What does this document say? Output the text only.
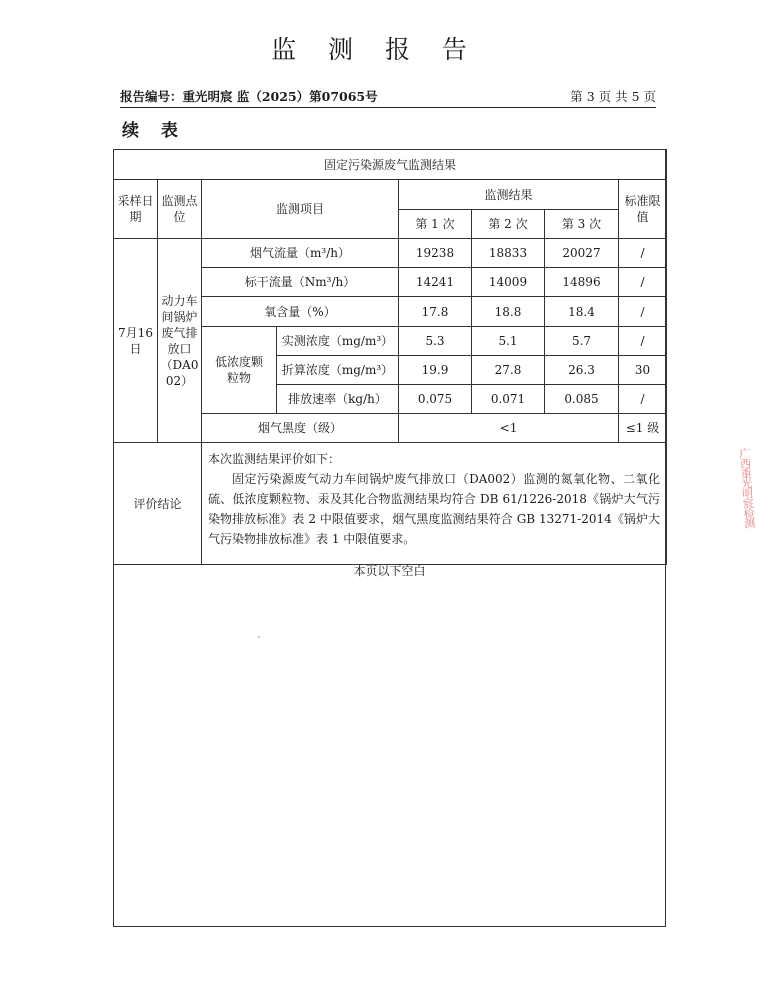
监 测 报 告
报告编号：重光明宸 监（2025）第07065号	第 3 页 共 5 页
续 表
固定污染源废气监测结果							
采样日期	监测点位	监测项目		监测结果			标准限值
				第 1 次	第 2 次	第 3 次	
7月16日	动力车间锅炉废气排放口（DA002）	烟气流量（m³/h）		19238	18833	20027	/
		标干流量（Nm³/h）		14241	14009	14896	/
		氧含量（%）		17.8	18.8	18.4	/
		低浓度颗粒物	实测浓度（mg/m³）	5.3	5.1	5.7	/
			折算浓度（mg/m³）	19.9	27.8	26.3	30
			排放速率（kg/h）	0.075	0.071	0.085	/
		烟气黑度（级）		<1			≤1 级
评价结论		本次监测结果评价如下：
固定污染源废气动力车间锅炉废气排放口（DA002）监测的氮氧化物、二氧化硫、低浓度颗粒物、汞及其化合物监测结果均符合 DB 61/1226-2018《锅炉大气污染物排放标准》表 2 中限值要求，烟气黑度监测结果符合 GB 13271-2014《锅炉大气污染物排放标准》表 1 中限值要求。					
本页以下空白
广西重光明宸检测
